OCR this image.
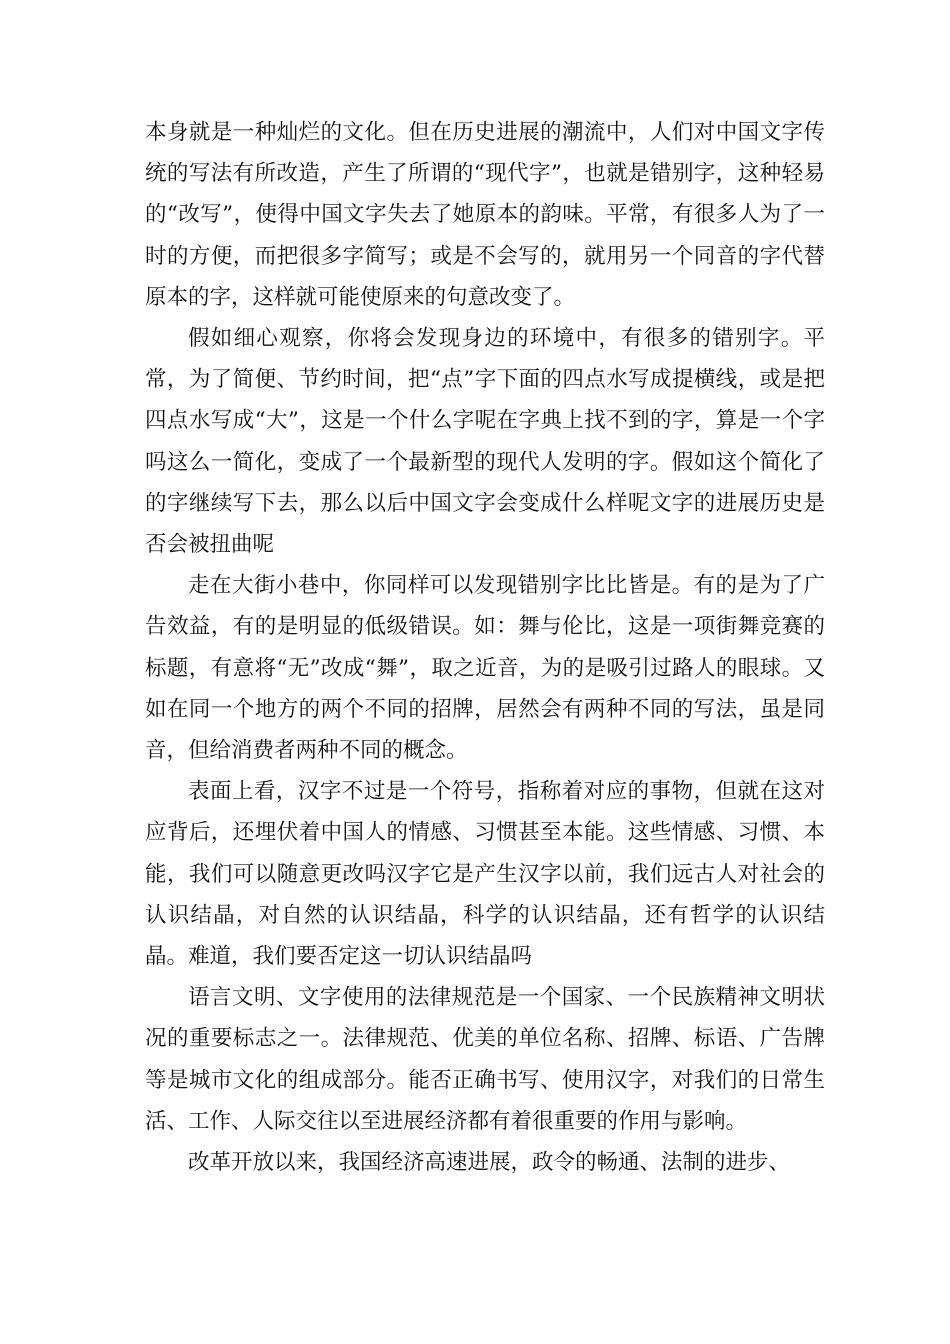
本身就是一种灿烂的文化。但在历史进展的潮流中，人们对中国文字传统的写法有所改造，产生了所谓的“现代字”，也就是错别字，这种轻易的“改写”，使得中国文字失去了她原本的韵味。平常，有很多人为了一时的方便，而把很多字简写；或是不会写的，就用另一个同音的字代替原本的字，这样就可能使原来的句意改变了。

假如细心观察，你将会发现身边的环境中，有很多的错别字。平常，为了简便、节约时间，把“点”字下面的四点水写成提横线，或是把四点水写成“大”，这是一个什么字呢在字典上找不到的字，算是一个字吗这么一简化，变成了一个最新型的现代人发明的字。假如这个简化了的字继续写下去，那么以后中国文字会变成什么样呢文字的进展历史是否会被扭曲呢

走在大街小巷中，你同样可以发现错别字比比皆是。有的是为了广告效益，有的是明显的低级错误。如：舞与伦比，这是一项街舞竞赛的标题，有意将“无”改成“舞”，取之近音，为的是吸引过路人的眼球。又如在同一个地方的两个不同的招牌，居然会有两种不同的写法，虽是同音，但给消费者两种不同的概念。

表面上看，汉字不过是一个符号，指称着对应的事物，但就在这对应背后，还埋伏着中国人的情感、习惯甚至本能。这些情感、习惯、本能，我们可以随意更改吗汉字它是产生汉字以前，我们远古人对社会的认识结晶，对自然的认识结晶，科学的认识结晶，还有哲学的认识结晶。难道，我们要否定这一切认识结晶吗

语言文明、文字使用的法律规范是一个国家、一个民族精神文明状况的重要标志之一。法律规范、优美的单位名称、招牌、标语、广告牌等是城市文化的组成部分。能否正确书写、使用汉字，对我们的日常生活、工作、人际交往以至进展经济都有着很重要的作用与影响。

改革开放以来，我国经济高速进展，政令的畅通、法制的进步、
